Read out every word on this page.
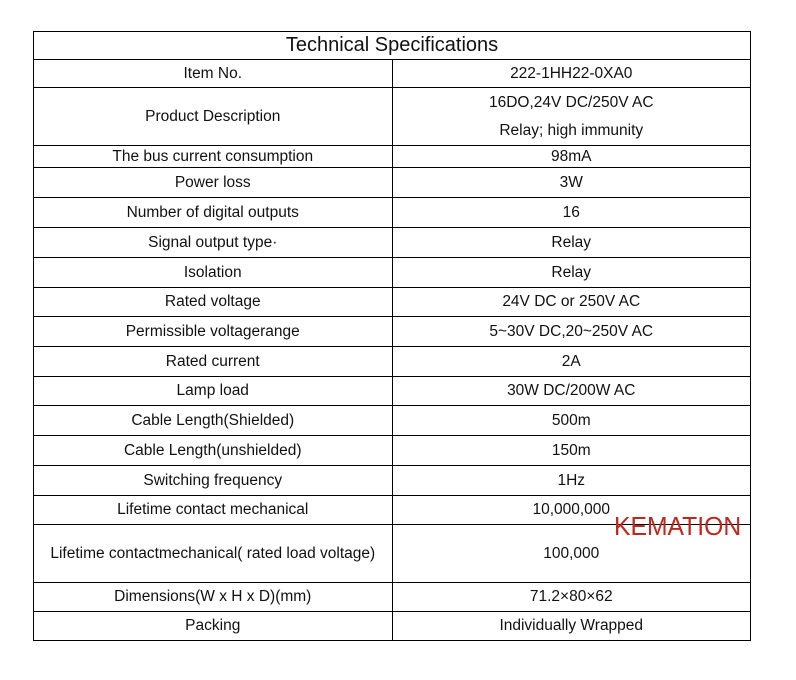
Technical Specifications	
Item No.	222-1HH22-0XA0
Product Description	16DO,24V DC/250V AC
Relay; high immunity

The bus current consumption	98mA
Power loss	3W
Number of digital outputs	16
Signal output type·	Relay
Isolation	Relay
Rated voltage	24V DC or 250V AC
Permissible voltagerange	5~30V DC,20~250V AC
Rated current	2A
Lamp load	30W DC/200W AC
Cable Length(Shielded)	500m
Cable Length(unshielded)	150m
Switching frequency	1Hz
Lifetime contact mechanical	10,000,000
Lifetime contactmechanical( rated load voltage)	100,000
Dimensions(W x H x D)(mm)	71.2×80×62
Packing	Individually Wrapped
KEMATION
